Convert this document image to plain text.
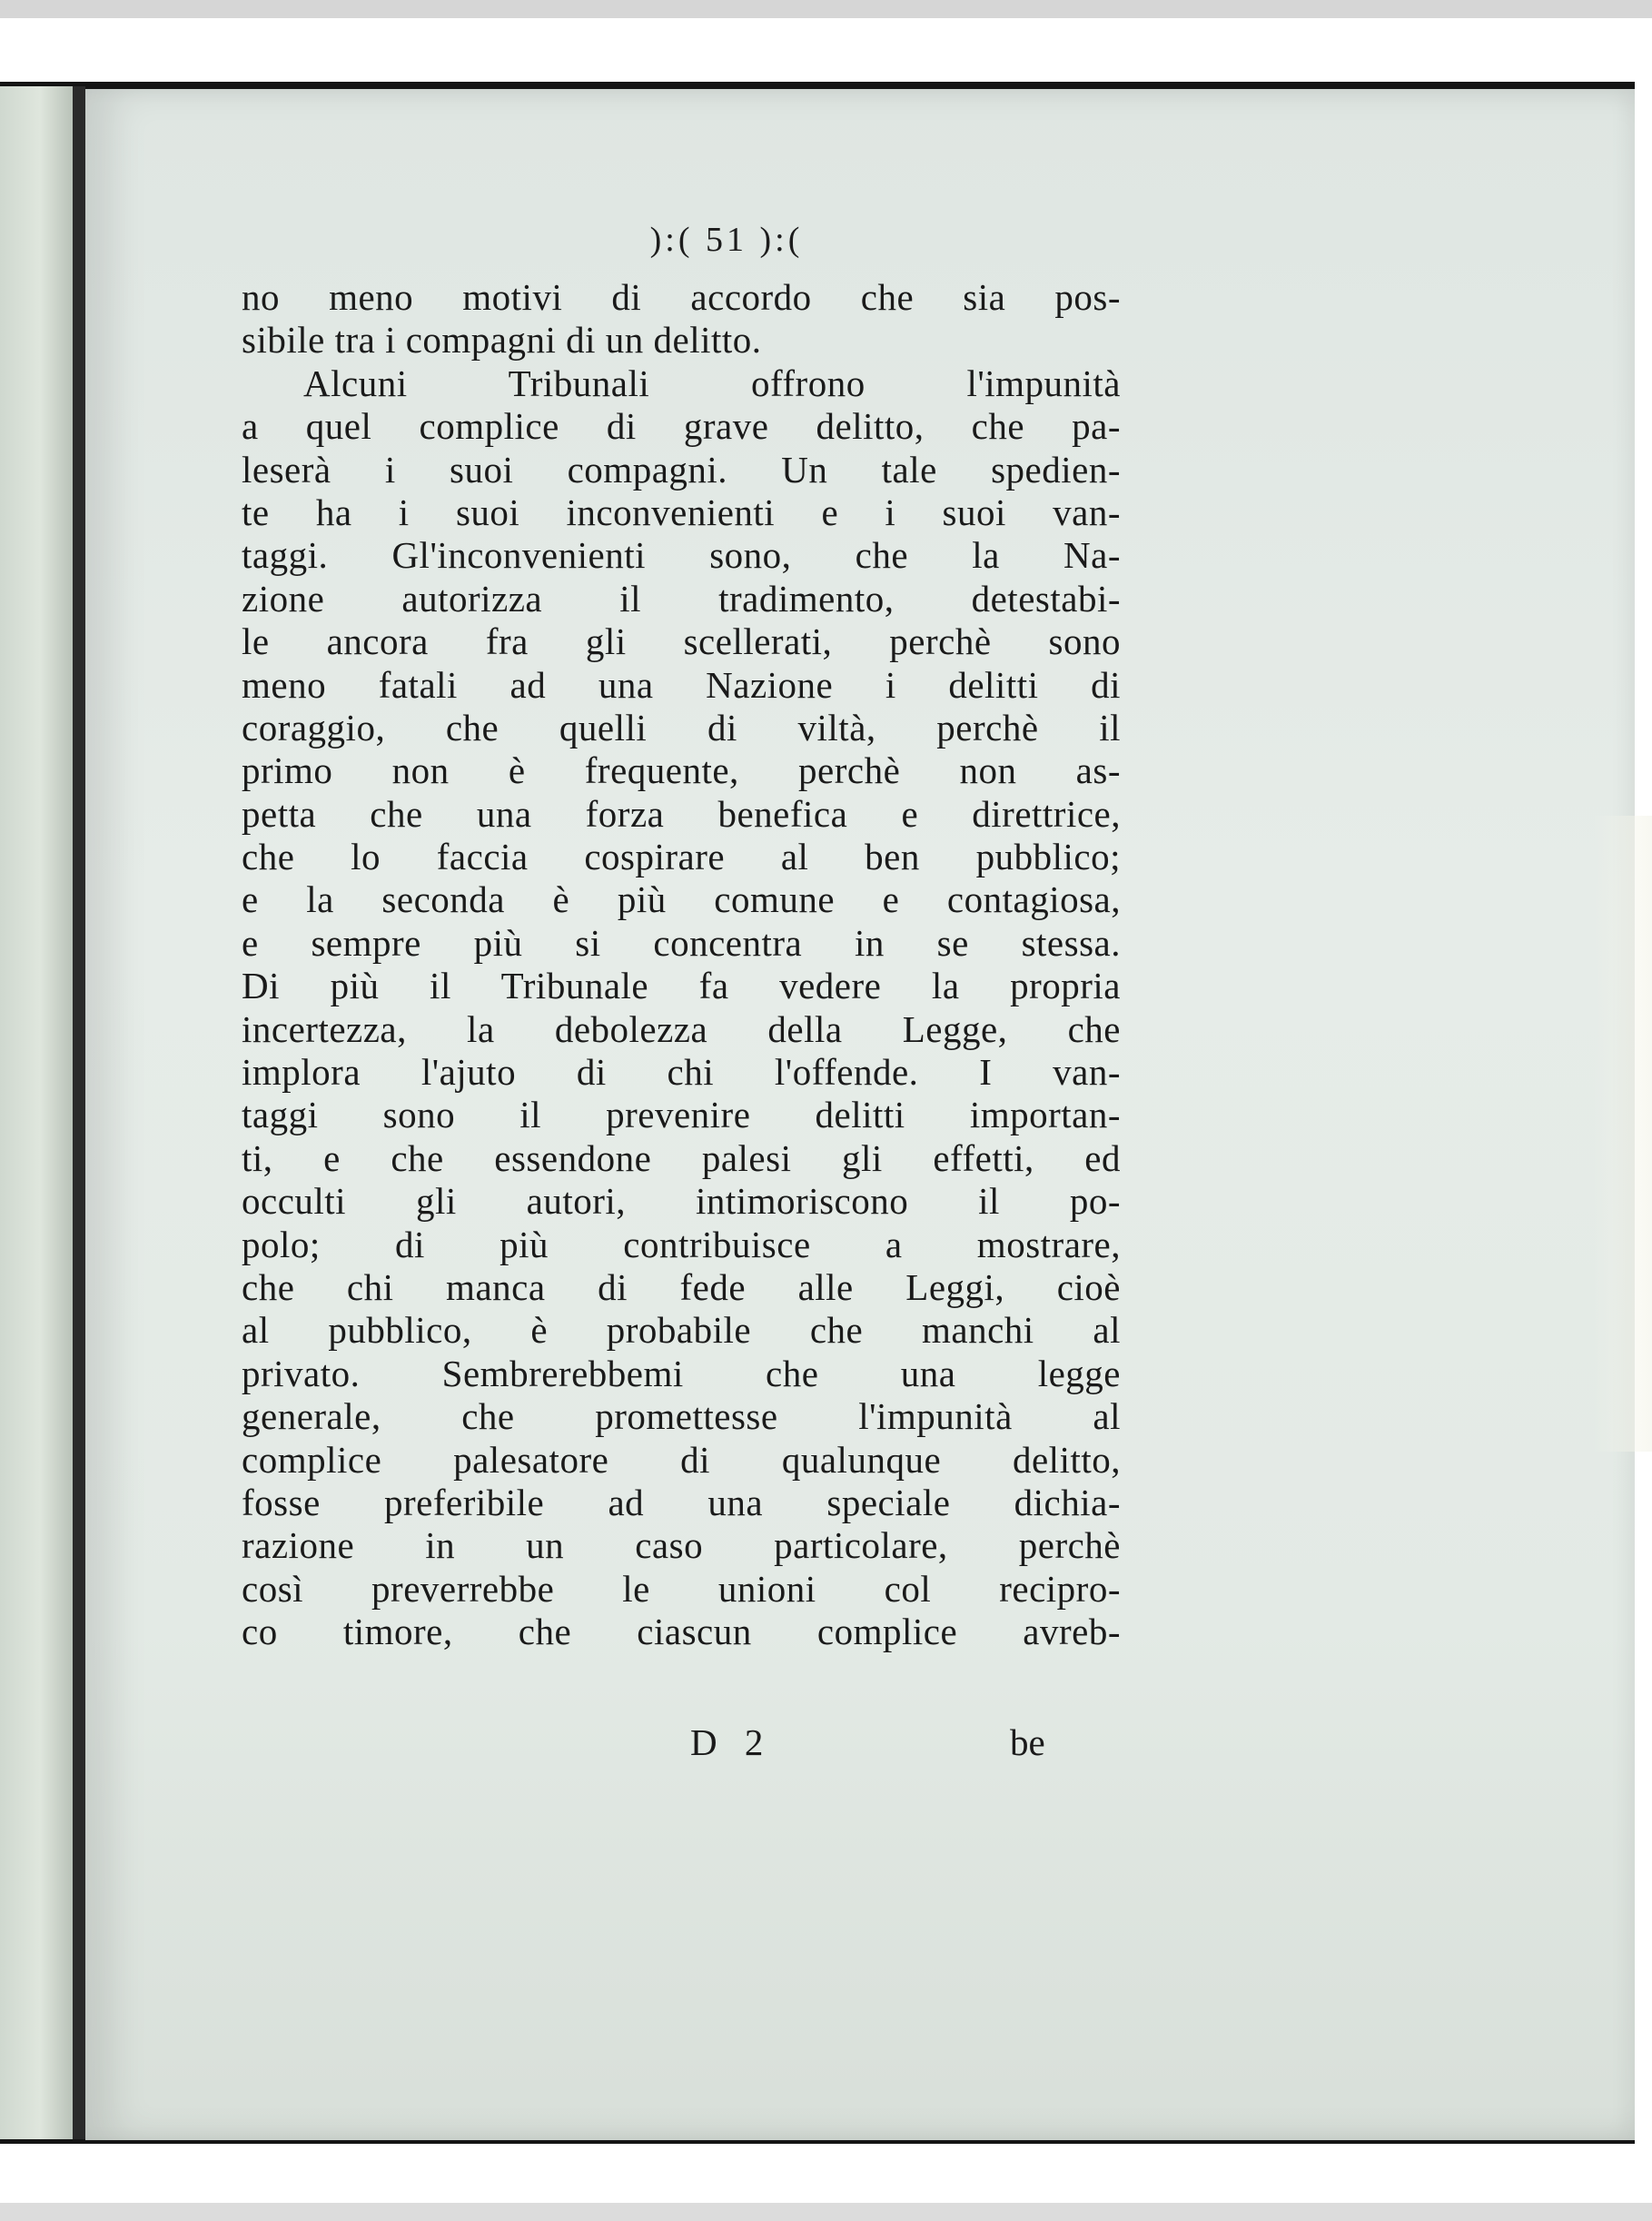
):( 51 ):(
no meno motivi di accordo che sia pos-
sibile tra i compagni di un delitto.
Alcuni Tribunali offrono l'impunità
a quel complice di grave delitto, che pa-
leserà i suoi compagni. Un tale spedien-
te ha i suoi inconvenienti e i suoi van-
taggi. Gl'inconvenienti sono, che la Na-
zione autorizza il tradimento, detestabi-
le ancora fra gli scellerati, perchè sono
meno fatali ad una Nazione i delitti di
coraggio, che quelli di viltà, perchè il
primo non è frequente, perchè non as-
petta che una forza benefica e direttrice,
che lo faccia cospirare al ben pubblico;
e la seconda è più comune e contagiosa,
e sempre più si concentra in se stessa.
Di più il Tribunale fa vedere la propria
incertezza, la debolezza della Legge, che
implora l'ajuto di chi l'offende. I van-
taggi sono il prevenire delitti importan-
ti, e che essendone palesi gli effetti, ed
occulti gli autori, intimoriscono il po-
polo; di più contribuisce a mostrare,
che chi manca di fede alle Leggi, cioè
al pubblico, è probabile che manchi al
privato. Sembrerebbemi che una legge
generale, che promettesse l'impunità al
complice palesatore di qualunque delitto,
fosse preferibile ad una speciale dichia-
razione in un caso particolare, perchè
così preverrebbe le unioni col recipro-
co timore, che ciascun complice avreb-
D 2	be
